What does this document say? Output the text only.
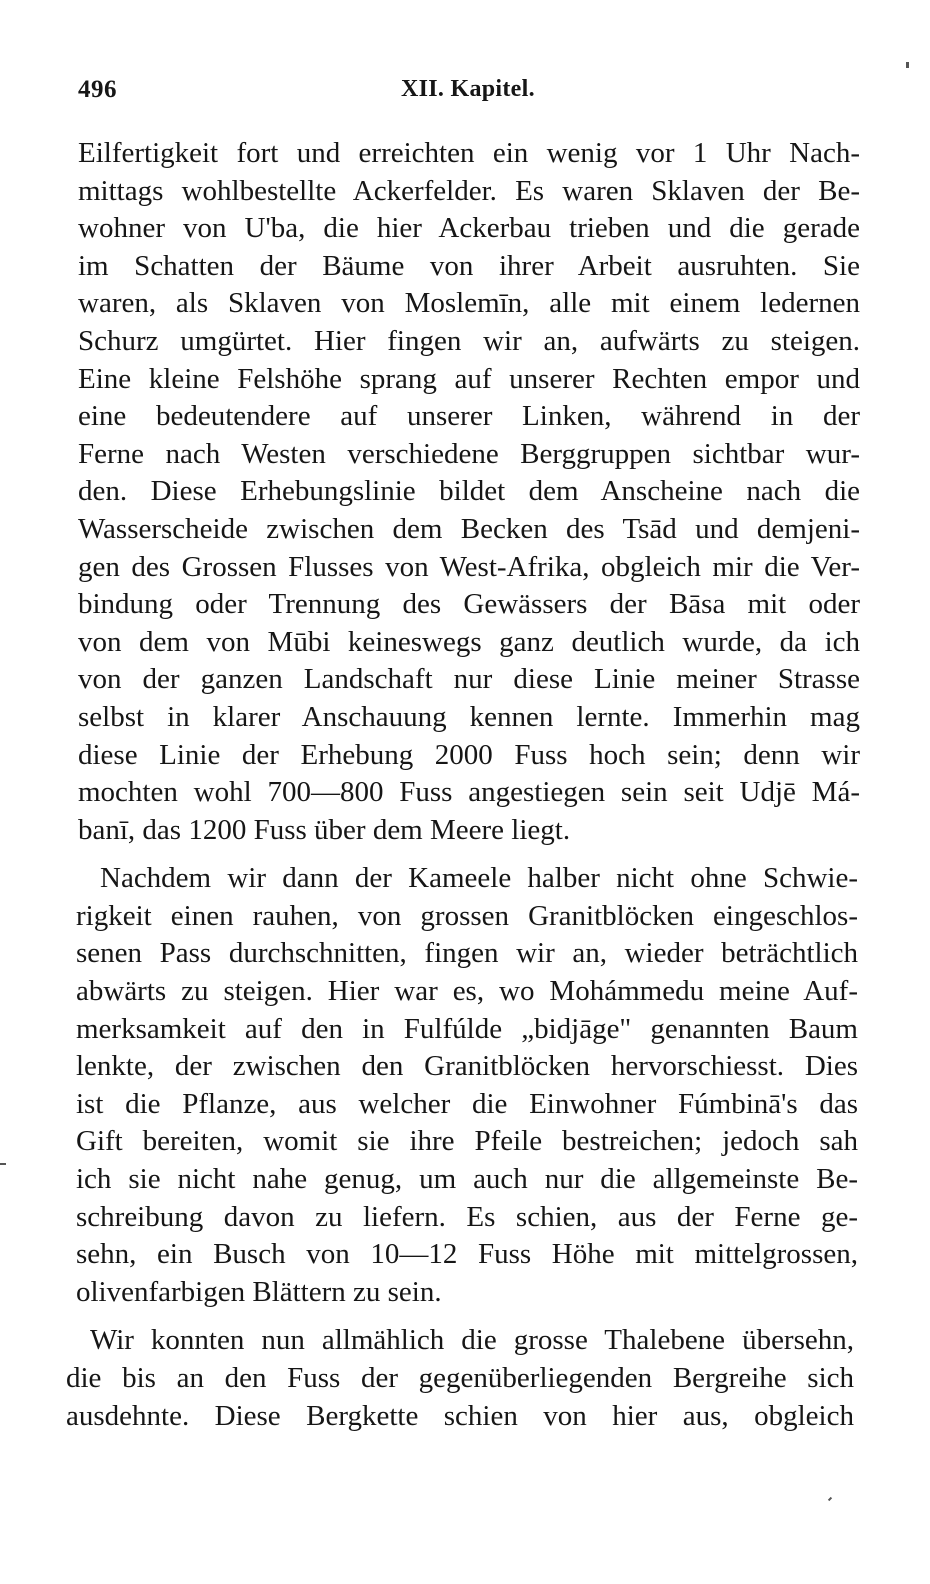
496	XII. Kapitel.
Eilfertigkeit fort und erreichten ein wenig vor 1 Uhr Nach-
mittags wohlbestellte Ackerfelder. Es waren Sklaven der Be-
wohner von U'ba, die hier Ackerbau trieben und die gerade
im Schatten der Bäume von ihrer Arbeit ausruhten. Sie
waren, als Sklaven von Moslemīn, alle mit einem ledernen
Schurz umgürtet. Hier fingen wir an, aufwärts zu steigen.
Eine kleine Felshöhe sprang auf unserer Rechten empor und
eine bedeutendere auf unserer Linken, während in der
Ferne nach Westen verschiedene Berggruppen sichtbar wur-
den. Diese Erhebungslinie bildet dem Anscheine nach die
Wasserscheide zwischen dem Becken des Tsād und demjeni-
gen des Grossen Flusses von West-Afrika, obgleich mir die Ver-
bindung oder Trennung des Gewässers der Bāsa mit oder
von dem von Mūbi keineswegs ganz deutlich wurde, da ich
von der ganzen Landschaft nur diese Linie meiner Strasse
selbst in klarer Anschauung kennen lernte. Immerhin mag
diese Linie der Erhebung 2000 Fuss hoch sein; denn wir
mochten wohl 700—800 Fuss angestiegen sein seit Udjē Má-
banī, das 1200 Fuss über dem Meere liegt.
Nachdem wir dann der Kameele halber nicht ohne Schwie-
rigkeit einen rauhen, von grossen Granitblöcken eingeschlos-
senen Pass durchschnitten, fingen wir an, wieder beträchtlich
abwärts zu steigen. Hier war es, wo Mohámmedu meine Auf-
merksamkeit auf den in Fulfúlde „bidjāge" genannten Baum
lenkte, der zwischen den Granitblöcken hervorschiesst. Dies
ist die Pflanze, aus welcher die Einwohner Fúmbinā's das
Gift bereiten, womit sie ihre Pfeile bestreichen; jedoch sah
ich sie nicht nahe genug, um auch nur die allgemeinste Be-
schreibung davon zu liefern. Es schien, aus der Ferne ge-
sehn, ein Busch von 10—12 Fuss Höhe mit mittelgrossen,
olivenfarbigen Blättern zu sein.
Wir konnten nun allmählich die grosse Thalebene übersehn,
die bis an den Fuss der gegenüberliegenden Bergreihe sich
ausdehnte. Diese Bergkette schien von hier aus, obgleich
